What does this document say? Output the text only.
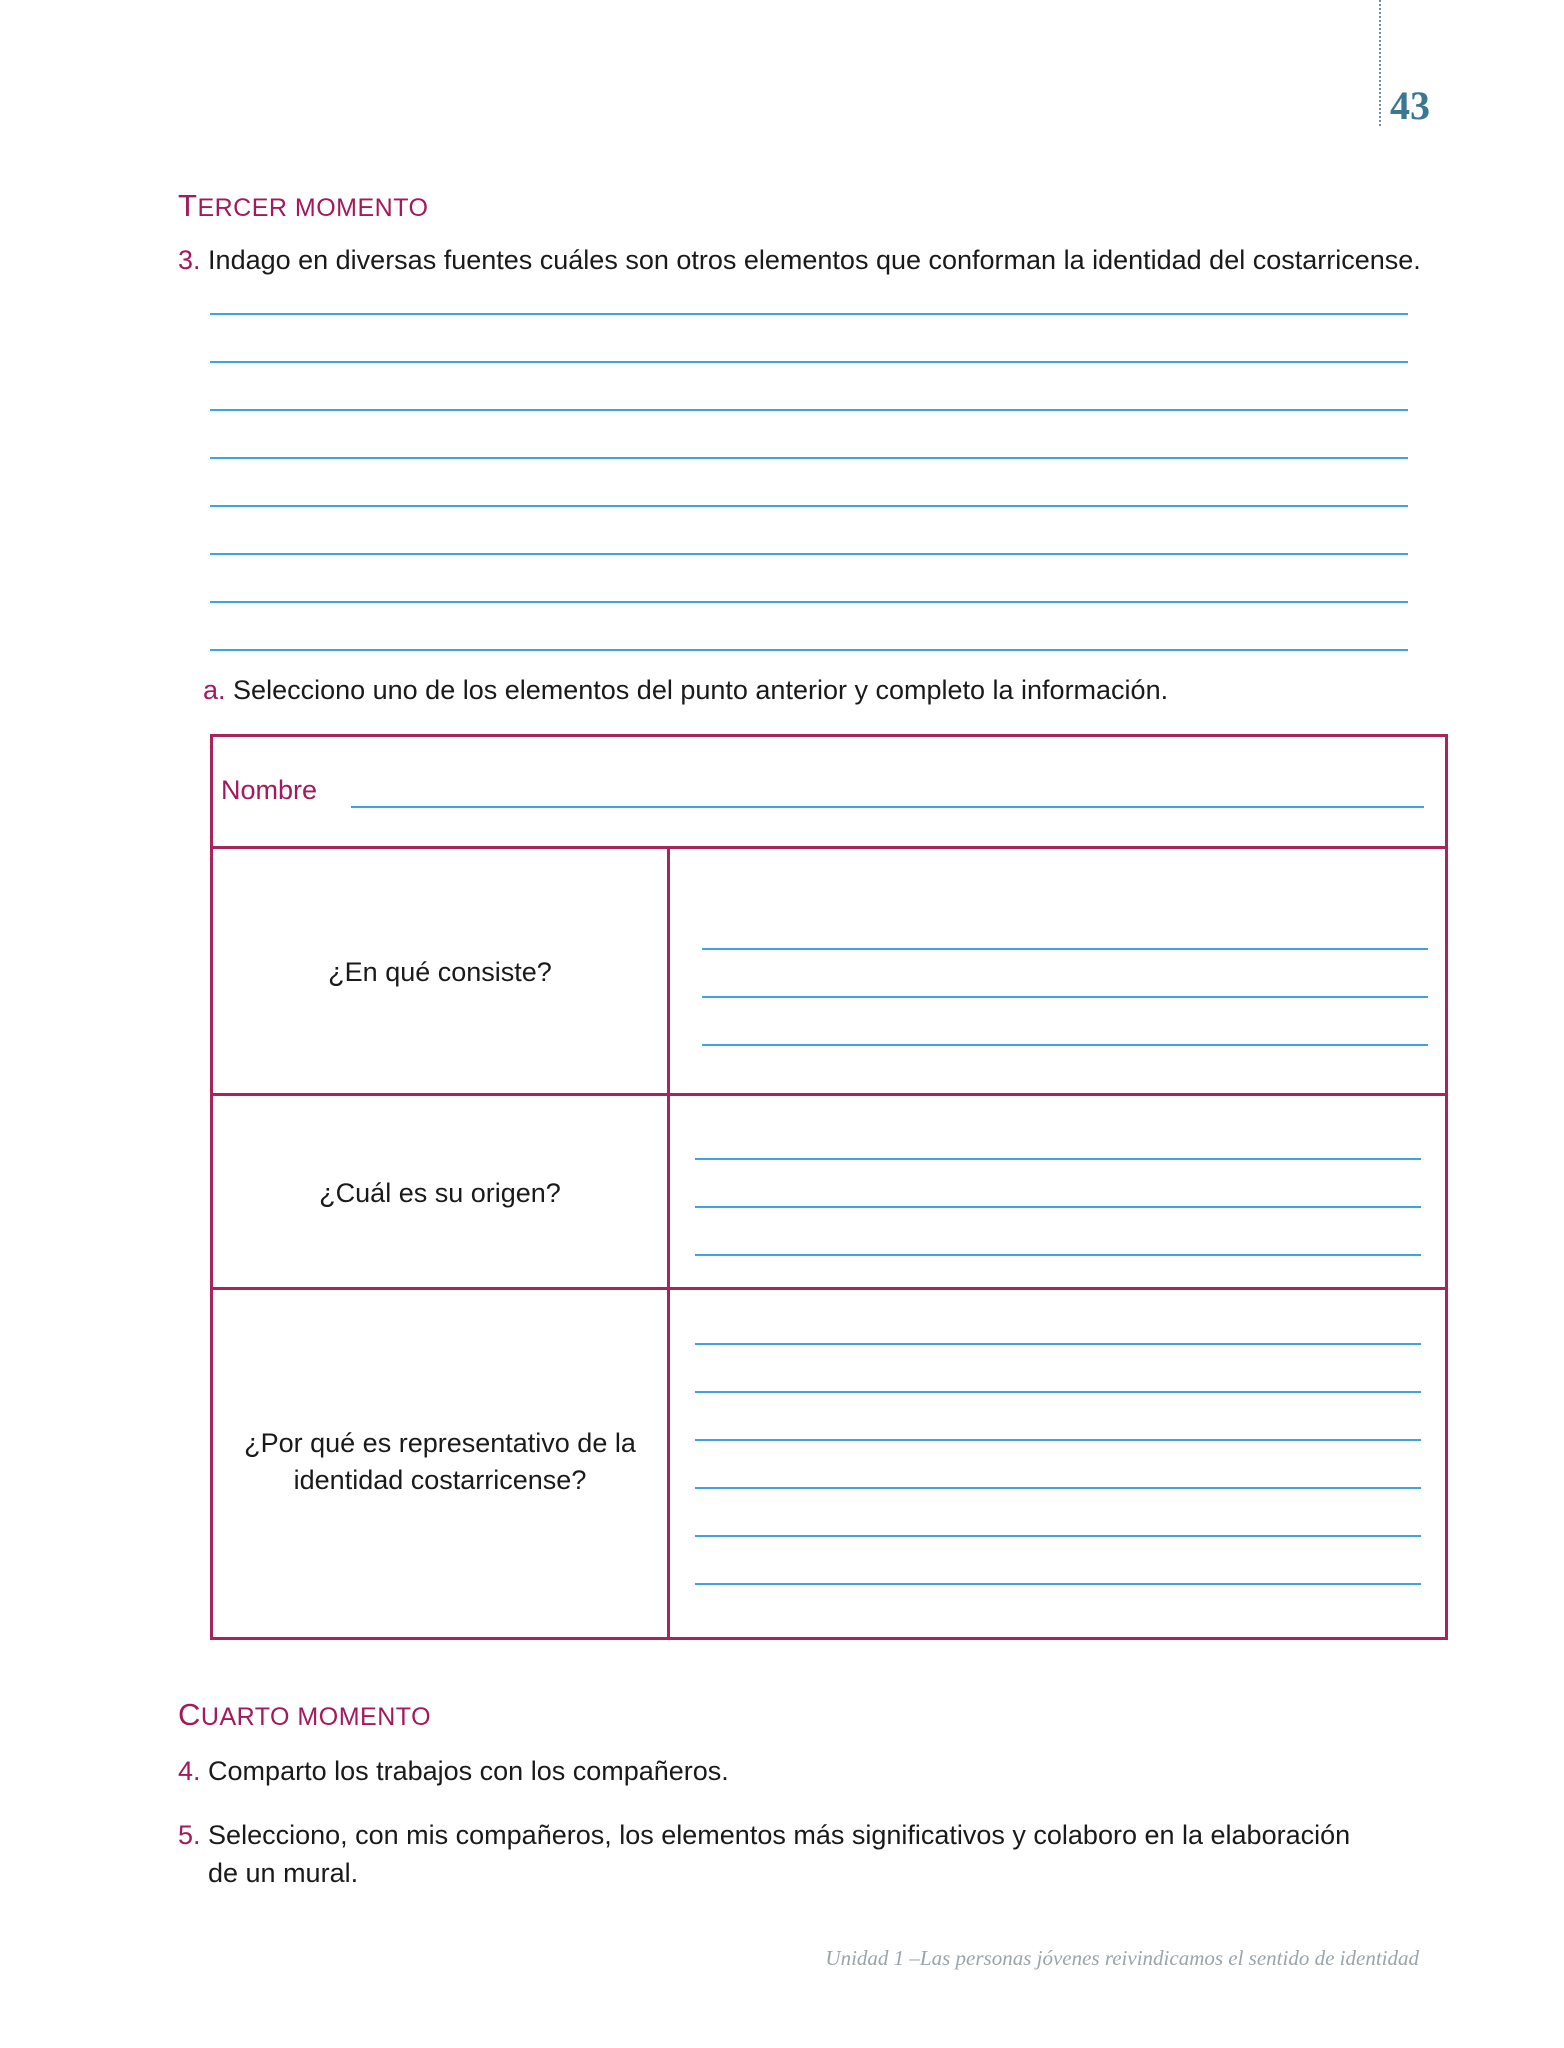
43
TERCER MOMENTO
3. Indago en diversas fuentes cuáles son otros elementos que conforman la identidad del costarricense.
a. Selecciono uno de los elementos del punto anterior y completo la información.
Nombre
¿En qué consiste?
¿Cuál es su origen?
¿Por qué es representativo de la
identidad costarricense?
CUARTO MOMENTO
4. Comparto los trabajos con los compañeros.
5. Selecciono, con mis compañeros, los elementos más significativos y colaboro en la elaboración
de un mural.
Unidad 1 –Las personas jóvenes reivindicamos el sentido de identidad
